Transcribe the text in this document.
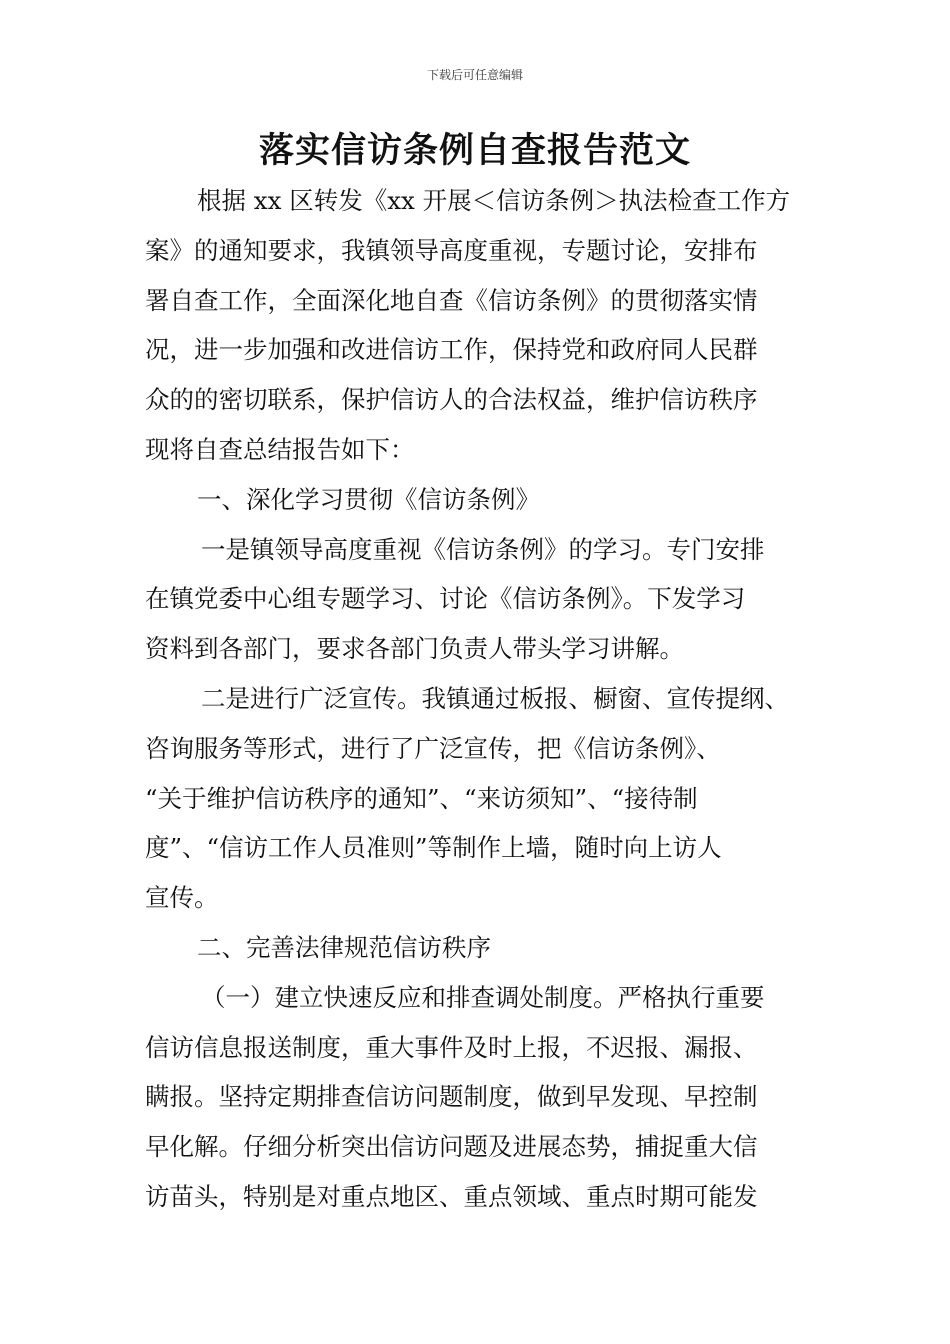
下载后可任意编辑
落实信访条例自查报告范文
根据 xx 区转发《xx 开展＜信访条例＞执法检查工作方
案》的通知要求，我镇领导高度重视，专题讨论，安排布
署自查工作，全面深化地自查《信访条例》的贯彻落实情
况，进一步加强和改进信访工作，保持党和政府同人民群
众的的密切联系，保护信访人的合法权益，维护信访秩序
现将自查总结报告如下：
一、深化学习贯彻《信访条例》
一是镇领导高度重视《信访条例》的学习。专门安排
在镇党委中心组专题学习、讨论《信访条例》。下发学习
资料到各部门，要求各部门负责人带头学习讲解。
二是进行广泛宣传。我镇通过板报、橱窗、宣传提纲、
咨询服务等形式，进行了广泛宣传，把《信访条例》、
“关于维护信访秩序的通知”、“来访须知”、“接待制
度”、“信访工作人员准则”等制作上墙，随时向上访人
宣传。
二、完善法律规范信访秩序
（一）建立快速反应和排查调处制度。严格执行重要
信访信息报送制度，重大事件及时上报，不迟报、漏报、
瞒报。坚持定期排查信访问题制度，做到早发现、早控制
早化解。仔细分析突出信访问题及进展态势，捕捉重大信
访苗头，特别是对重点地区、重点领域、重点时期可能发
